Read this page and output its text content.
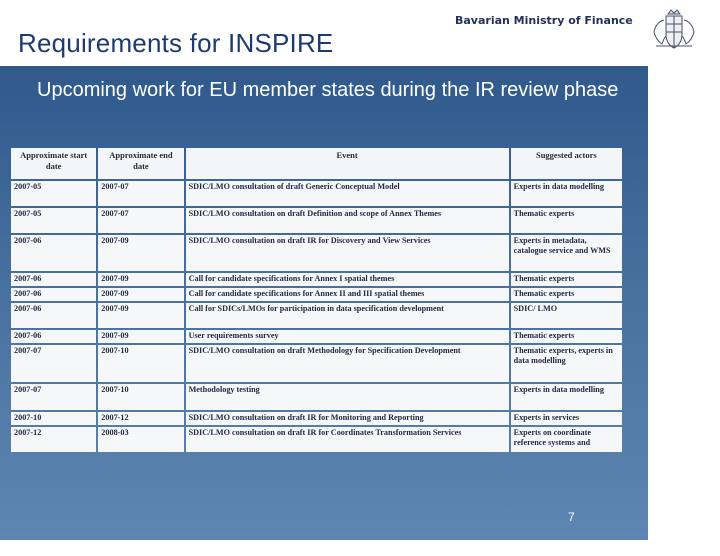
Requirements for INSPIRE
Bavarian Ministry of Finance
Upcoming work for EU member states during the IR review phase
Approximate start date	Approximate end date	Event	Suggested actors
2007-05	2007-07	SDIC/LMO consultation of draft Generic Conceptual Model	Experts in data modelling
2007-05	2007-07	SDIC/LMO consultation on draft Definition and scope of Annex Themes	Thematic experts
2007-06	2007-09	SDIC/LMO consultation on draft IR for Discovery and View Services	Experts in metadata, catalogue service and WMS
2007-06	2007-09	Call for candidate specifications for Annex I spatial themes	Thematic experts
2007-06	2007-09	Call for candidate specifications for Annex II and III spatial themes	Thematic experts
2007-06	2007-09	Call for SDICs/LMOs for participation in data specification development	SDIC/ LMO
2007-06	2007-09	User requirements survey	Thematic experts
2007-07	2007-10	SDIC/LMO consultation on draft Methodology for Specification Development	Thematic experts, experts in data modelling
2007-07	2007-10	Methodology testing	Experts in data modelling
2007-10	2007-12	SDIC/LMO consultation on draft IR for Monitoring and Reporting	Experts in services
2007-12	2008-03	SDIC/LMO consultation on draft IR for Coordinates Transformation Services	Experts on coordinate reference systems and
7
